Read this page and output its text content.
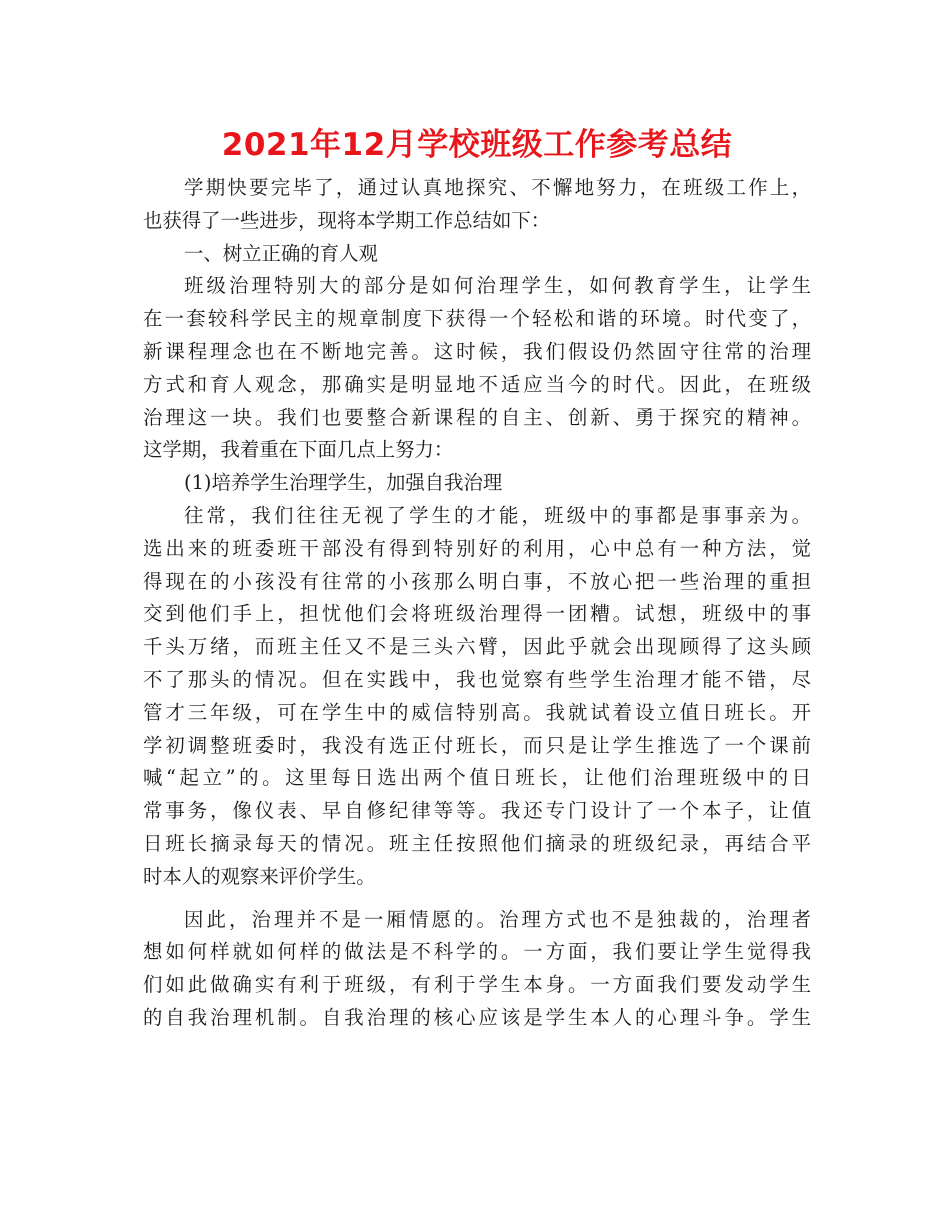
2021年12月学校班级工作参考总结
学期快要完毕了，通过认真地探究、不懈地努力，在班级工作上，
也获得了一些进步，现将本学期工作总结如下：
一、树立正确的育人观
班级治理特别大的部分是如何治理学生，如何教育学生，让学生
在一套较科学民主的规章制度下获得一个轻松和谐的环境。时代变了，
新课程理念也在不断地完善。这时候，我们假设仍然固守往常的治理
方式和育人观念，那确实是明显地不适应当今的时代。因此，在班级
治理这一块。我们也要整合新课程的自主、创新、勇于探究的精神。
这学期，我着重在下面几点上努力：
(1)培养学生治理学生，加强自我治理
往常，我们往往无视了学生的才能，班级中的事都是事事亲为。
选出来的班委班干部没有得到特别好的利用，心中总有一种方法，觉
得现在的小孩没有往常的小孩那么明白事，不放心把一些治理的重担
交到他们手上，担忧他们会将班级治理得一团糟。试想，班级中的事
千头万绪，而班主任又不是三头六臂，因此乎就会出现顾得了这头顾
不了那头的情况。但在实践中，我也觉察有些学生治理才能不错，尽
管才三年级，可在学生中的威信特别高。我就试着设立值日班长。开
学初调整班委时，我没有选正付班长，而只是让学生推选了一个课前
喊“起立”的。这里每日选出两个值日班长，让他们治理班级中的日
常事务，像仪表、早自修纪律等等。我还专门设计了一个本子，让值
日班长摘录每天的情况。班主任按照他们摘录的班级纪录，再结合平
时本人的观察来评价学生。
因此，治理并不是一厢情愿的。治理方式也不是独裁的，治理者
想如何样就如何样的做法是不科学的。一方面，我们要让学生觉得我
们如此做确实有利于班级，有利于学生本身。一方面我们要发动学生
的自我治理机制。自我治理的核心应该是学生本人的心理斗争。学生
